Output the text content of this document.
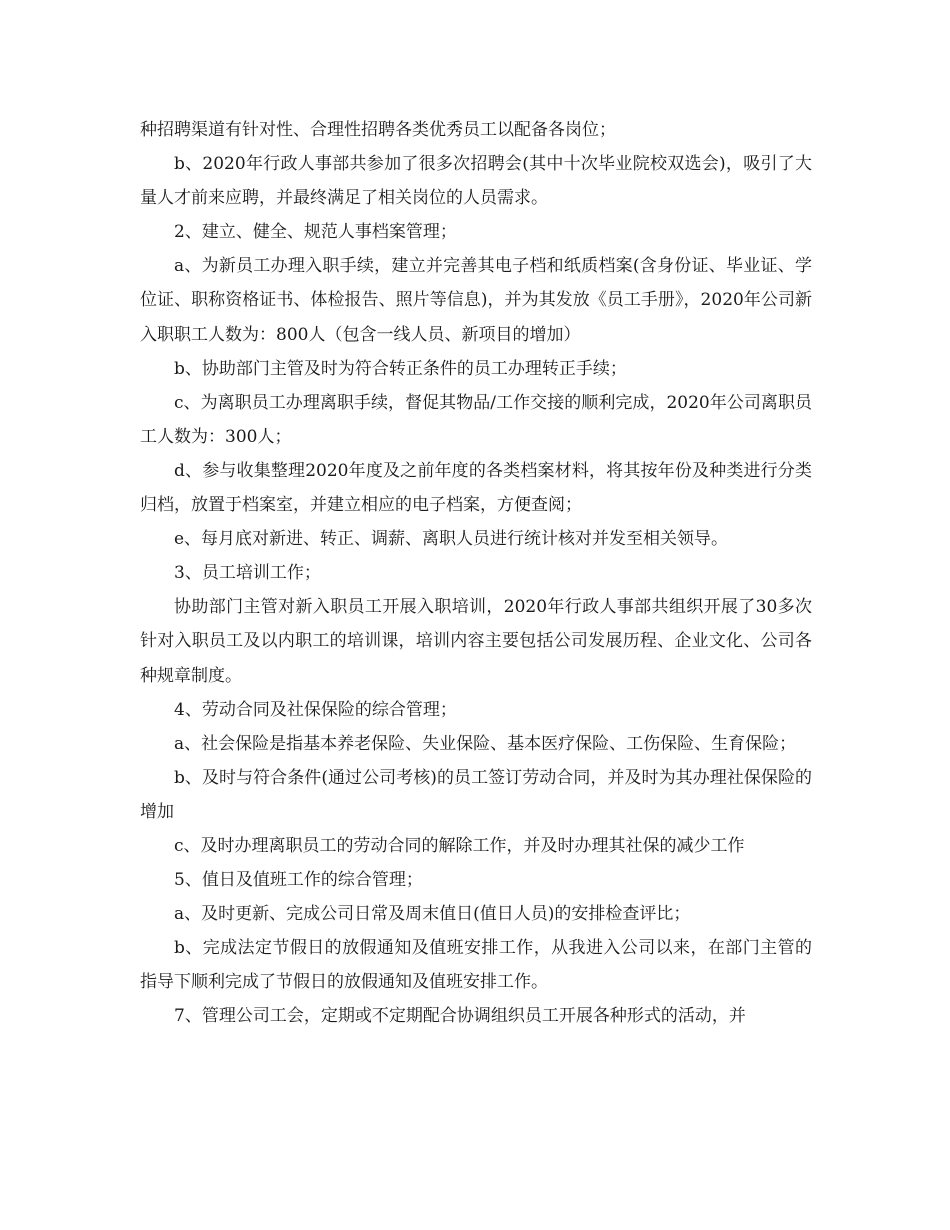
种招聘渠道有针对性、合理性招聘各类优秀员工以配备各岗位；

b、2020年行政人事部共参加了很多次招聘会(其中十次毕业院校双选会)，吸引了大量人才前来应聘，并最终满足了相关岗位的人员需求。

2、建立、健全、规范人事档案管理；

a、为新员工办理入职手续，建立并完善其电子档和纸质档案(含身份证、毕业证、学位证、职称资格证书、体检报告、照片等信息)，并为其发放《员工手册》，2020年公司新入职职工人数为：800人（包含一线人员、新项目的增加）

b、协助部门主管及时为符合转正条件的员工办理转正手续；

c、为离职员工办理离职手续，督促其物品/工作交接的顺利完成，2020年公司离职员工人数为：300人；

d、参与收集整理2020年度及之前年度的各类档案材料，将其按年份及种类进行分类归档，放置于档案室，并建立相应的电子档案，方便查阅；

e、每月底对新进、转正、调薪、离职人员进行统计核对并发至相关领导。

3、员工培训工作；

协助部门主管对新入职员工开展入职培训，2020年行政人事部共组织开展了30多次针对入职员工及以内职工的培训课，培训内容主要包括公司发展历程、企业文化、公司各种规章制度。

4、劳动合同及社保保险的综合管理；

a、社会保险是指基本养老保险、失业保险、基本医疗保险、工伤保险、生育保险；

b、及时与符合条件(通过公司考核)的员工签订劳动合同，并及时为其办理社保保险的增加

c、及时办理离职员工的劳动合同的解除工作，并及时办理其社保的减少工作

5、值日及值班工作的综合管理；

a、及时更新、完成公司日常及周末值日(值日人员)的安排检查评比；

b、完成法定节假日的放假通知及值班安排工作，从我进入公司以来，在部门主管的指导下顺利完成了节假日的放假通知及值班安排工作。

7、管理公司工会，定期或不定期配合协调组织员工开展各种形式的活动，并
